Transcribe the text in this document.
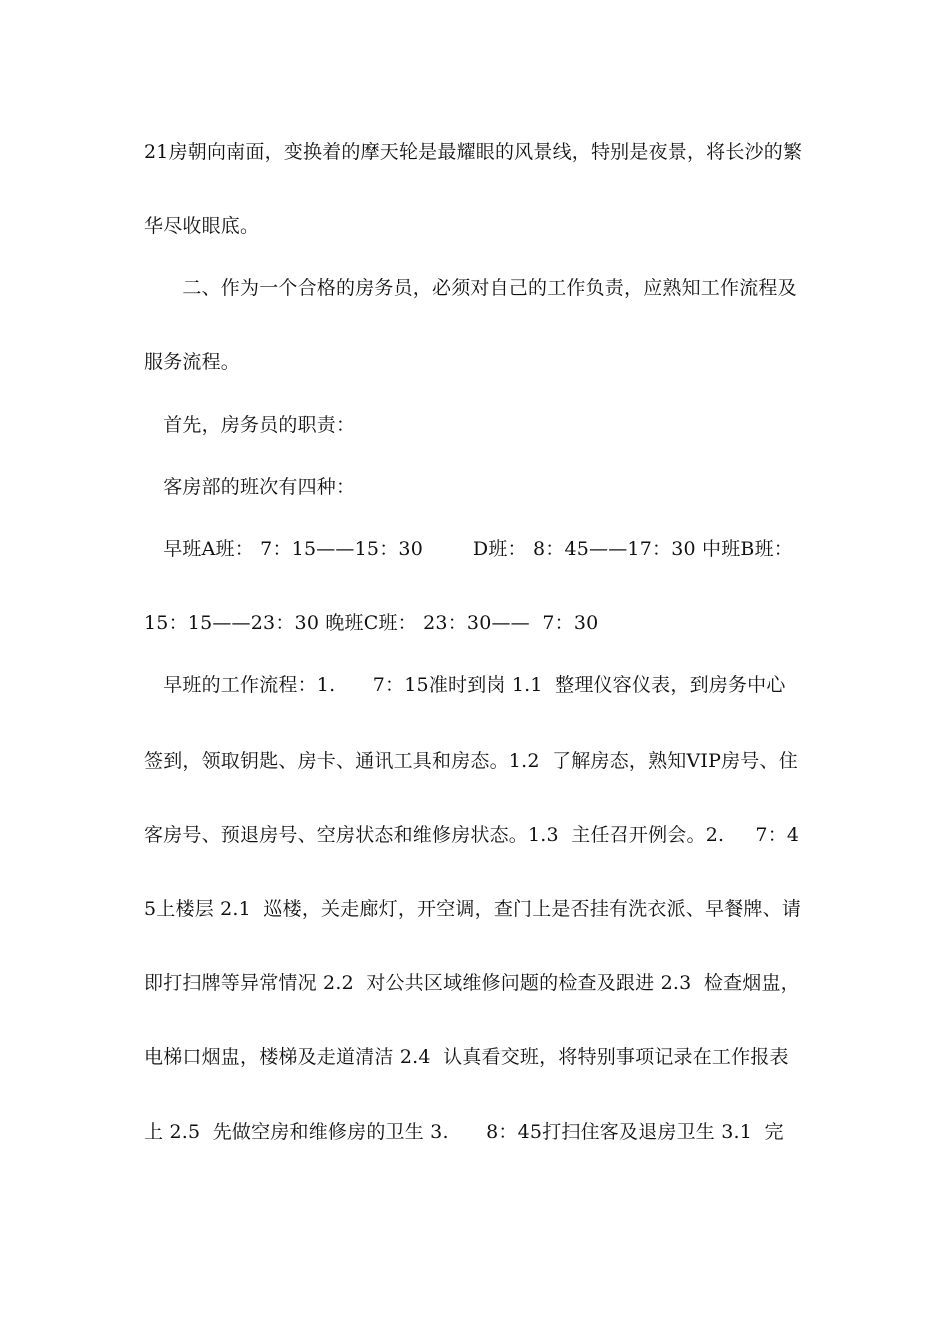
21房朝向南面，变换着的摩天轮是最耀眼的风景线，特别是夜景，将长沙的繁
华尽收眼底。
　　二、作为一个合格的房务员，必须对自己的工作负责，应熟知工作流程及
服务流程。
　首先，房务员的职责：
　客房部的班次有四种：
　早班A班： 7：15——15：30        D班： 8：45——17：30 中班B班：
15：15——23：30 晚班C班： 23：30——  7：30
　早班的工作流程：1.      7：15准时到岗 1.1  整理仪容仪表，到房务中心
签到，领取钥匙、房卡、通讯工具和房态。1.2  了解房态，熟知VIP房号、住
客房号、预退房号、空房状态和维修房状态。1.3  主任召开例会。2.     7：4
5上楼层 2.1  巡楼，关走廊灯，开空调，查门上是否挂有洗衣派、早餐牌、请
即打扫牌等异常情况 2.2  对公共区域维修问题的检查及跟进 2.3  检查烟盅，
电梯口烟盅，楼梯及走道清洁 2.4  认真看交班，将特别事项记录在工作报表
上 2.5  先做空房和维修房的卫生 3.      8：45打扫住客及退房卫生 3.1  完
